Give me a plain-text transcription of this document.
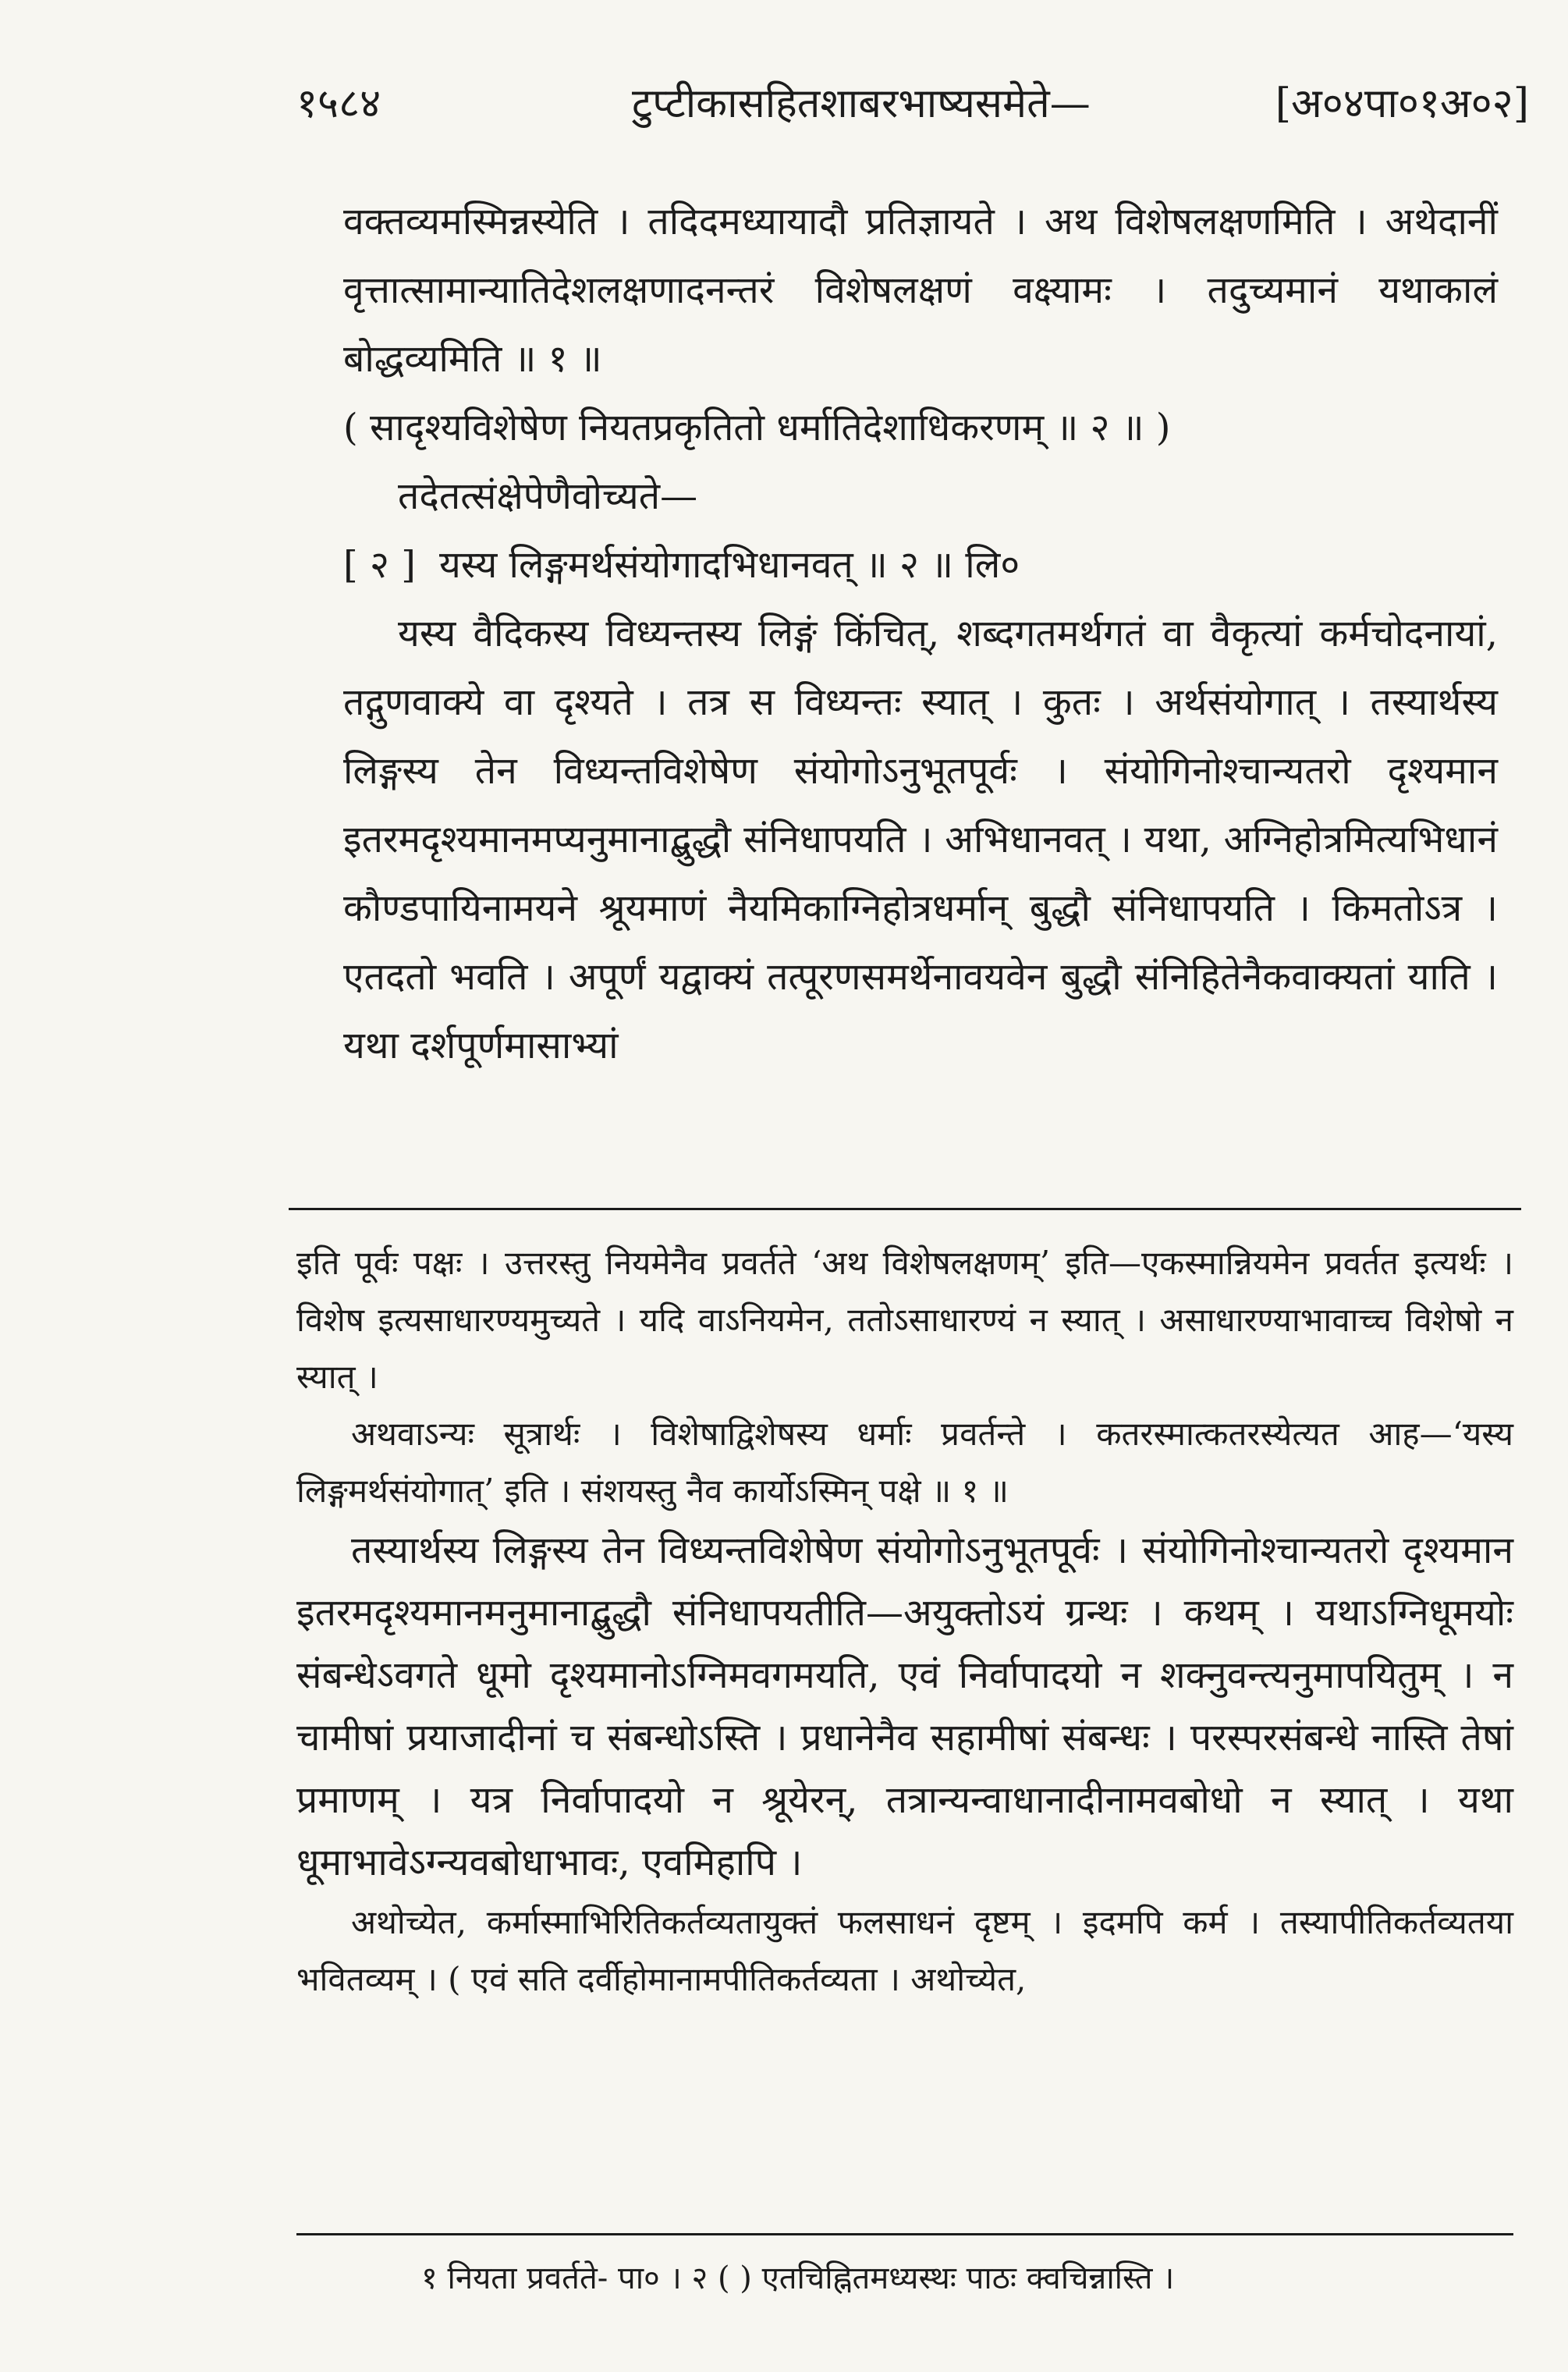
१५८४	टुप्टीकासहितशाबरभाष्यसमेते—	[अ०४पा०१अ०२]

वक्तव्यमस्मिन्नस्येति । तदिदमध्यायादौ प्रतिज्ञायते । अथ विशेषलक्षणमिति । अथेदानीं वृत्तात्सामान्यातिदेशलक्षणादनन्तरं विशेषलक्षणं वक्ष्यामः । तदुच्यमानं यथाकालं बोद्धव्यमिति ॥ १ ॥

( सादृश्यविशेषेण नियतप्रकृतितो धर्मातिदेशाधिकरणम् ॥ २ ॥ )

तदेतत्संक्षेपेणैवोच्यते—

[ २ ] यस्य लिङ्गमर्थसंयोगादभिधानवत् ॥ २ ॥ लि०

यस्य वैदिकस्य विध्यन्तस्य लिङ्गं किंचित्, शब्दगतमर्थगतं वा वैकृत्यां कर्मचोदनायां, तद्गुणवाक्ये वा दृश्यते । तत्र स विध्यन्तः स्यात् । कुतः । अर्थसंयोगात् । तस्यार्थस्य लिङ्गस्य तेन विध्यन्तविशेषेण संयोगोऽनुभूतपूर्वः । संयोगिनोश्चान्यतरो दृश्यमान इतरमदृश्यमानमप्यनुमानाद्बुद्धौ संनिधापयति । अभिधानवत् । यथा, अग्निहोत्रमित्यभिधानं कौण्डपायिनामयने श्रूयमाणं नैयमिकाग्निहोत्रधर्मान् बुद्धौ संनिधापयति । किमतोऽत्र । एतदतो भवति । अपूर्णं यद्वाक्यं तत्पूरणसमर्थेनावयवेन बुद्धौ संनिहितेनैकवाक्यतां याति । यथा दर्शपूर्णमासाभ्यां

इति पूर्वः पक्षः । उत्तरस्तु नियमेनैव प्रवर्तते ‘अथ विशेषलक्षणम्’ इति—एकस्मान्नियमेन प्रवर्तत इत्यर्थः । विशेष इत्यसाधारण्यमुच्यते । यदि वाऽनियमेन, ततोऽसाधारण्यं न स्यात् । असाधारण्याभावाच्च विशेषो न स्यात् ।

अथवाऽन्यः सूत्रार्थः । विशेषाद्विशेषस्य धर्माः प्रवर्तन्ते । कतरस्मात्कतरस्येत्यत आह—‘यस्य लिङ्गमर्थसंयोगात्’ इति । संशयस्तु नैव कार्योऽस्मिन् पक्षे ॥ १ ॥

तस्यार्थस्य लिङ्गस्य तेन विध्यन्तविशेषेण संयोगोऽनुभूतपूर्वः । संयोगिनोश्चान्यतरो दृश्यमान इतरमदृश्यमानमनुमानाद्बुद्धौ संनिधापयतीति—अयुक्तोऽयं ग्रन्थः । कथम् । यथाऽग्निधूमयोः संबन्धेऽवगते धूमो दृश्यमानोऽग्निमवगमयति, एवं निर्वापादयो न शक्नुवन्त्यनुमापयितुम् । न चामीषां प्रयाजादीनां च संबन्धोऽस्ति । प्रधानेनैव सहामीषां संबन्धः । परस्परसंबन्धे नास्ति तेषां प्रमाणम् । यत्र निर्वापादयो न श्रूयेरन्, तत्रान्यन्वाधानादीनामवबोधो न स्यात् । यथा धूमाभावेऽग्न्यवबोधाभावः, एवमिहापि ।

अथोच्येत, कर्मास्माभिरितिकर्तव्यतायुक्तं फलसाधनं दृष्टम् । इदमपि कर्म । तस्यापीतिकर्तव्यतया भवितव्यम् । ( एवं सति दर्वीहोमानामपीतिकर्तव्यता । अथोच्येत,

१ नियता प्रवर्तते- पा० । २ ( ) एतचिह्नितमध्यस्थः पाठः क्वचिन्नास्ति ।
